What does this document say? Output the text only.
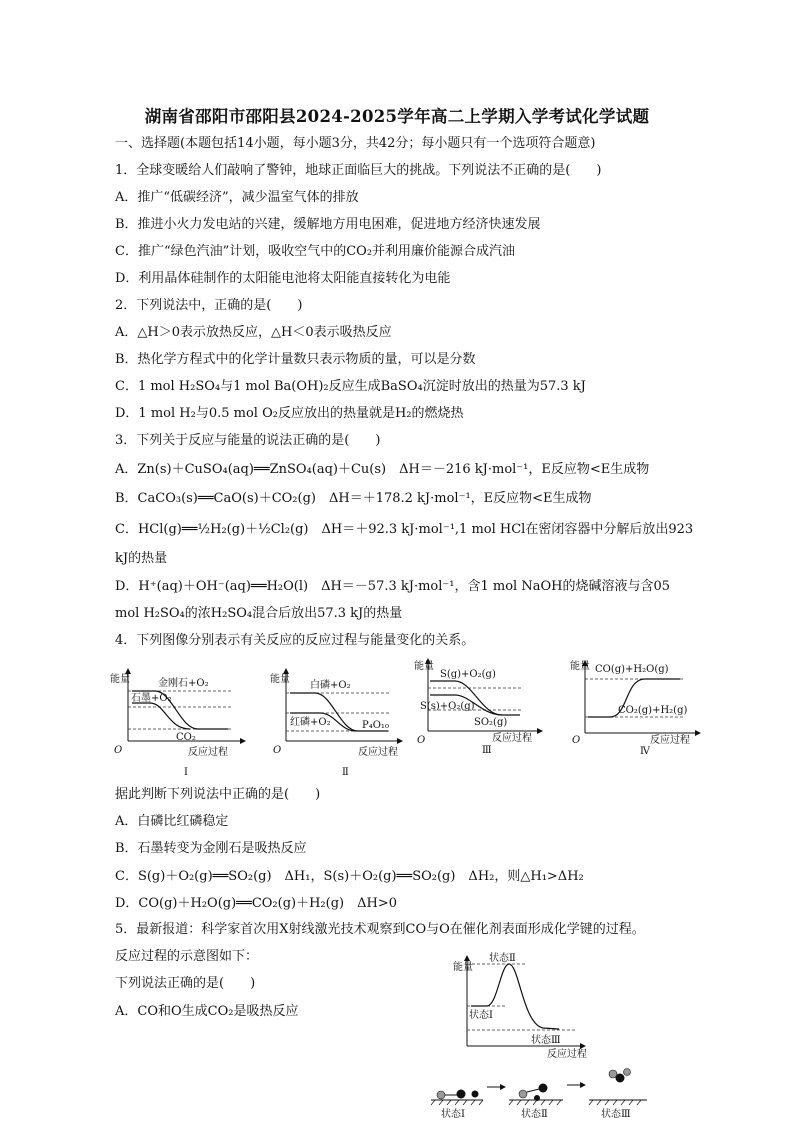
湖南省邵阳市邵阳县2024-2025学年高二上学期入学考试化学试题
一、选择题(本题包括14小题，每小题3分，共42分；每小题只有一个选项符合题意)
1．全球变暖给人们敲响了警钟，地球正面临巨大的挑战。下列说法不正确的是(　　)
A．推广“低碳经济”，减少温室气体的排放
B．推进小火力发电站的兴建，缓解地方用电困难，促进地方经济快速发展
C．推广“绿色汽油”计划，吸收空气中的CO₂并利用廉价能源合成汽油
D．利用晶体硅制作的太阳能电池将太阳能直接转化为电能
2．下列说法中，正确的是(　　)
A．△H＞0表示放热反应，△H＜0表示吸热反应
B．热化学方程式中的化学计量数只表示物质的量，可以是分数
C．1 mol H₂SO₄与1 mol Ba(OH)₂反应生成BaSO₄沉淀时放出的热量为57.3 kJ
D．1 mol H₂与0.5 mol O₂反应放出的热量就是H₂的燃烧热
3．下列关于反应与能量的说法正确的是(　　)
A．Zn(s)＋CuSO₄(aq)══ZnSO₄(aq)＋Cu(s)　ΔH＝－216 kJ·mol⁻¹，E反应物<E生成物
B．CaCO₃(s)══CaO(s)＋CO₂(g)　ΔH＝＋178.2 kJ·mol⁻¹，E反应物<E生成物
C．HCl(g)══½H₂(g)＋½Cl₂(g)　ΔH＝＋92.3 kJ·mol⁻¹,1 mol HCl在密闭容器中分解后放出923
kJ的热量
D．H⁺(aq)＋OH⁻(aq)══H₂O(l)　ΔH＝－57.3 kJ·mol⁻¹，含1 mol NaOH的烧碱溶液与含05
mol H₂SO₄的浓H₂SO₄混合后放出57.3 kJ的热量
4．下列图像分别表示有关反应的反应过程与能量变化的关系。
能量
O	反应过程
金刚石+O₂
石墨+O₂
CO₂
Ⅰ
能量
O	反应过程
白磷+O₂
红磷+O₂	P₄O₁₀
Ⅱ
能量
O	反应过程
S(g)+O₂(g)
S(s)+O₂(g)
SO₂(g)
Ⅲ
能量
O	反应过程
CO(g)+H₂O(g)
CO₂(g)+H₂(g)
Ⅳ
据此判断下列说法中正确的是(　　)
A．白磷比红磷稳定
B．石墨转变为金刚石是吸热反应
C．S(g)＋O₂(g)══SO₂(g)　ΔH₁，S(s)＋O₂(g)══SO₂(g)　ΔH₂，则△H₁>ΔH₂
D．CO(g)＋H₂O(g)══CO₂(g)＋H₂(g)　ΔH>0
5．最新报道：科学家首次用X射线激光技术观察到CO与O在催化剂表面形成化学键的过程。
反应过程的示意图如下：
下列说法正确的是(　　)
A．CO和O生成CO₂是吸热反应
能量
反应过程
状态Ⅱ
状态Ⅰ
状态Ⅲ
状态Ⅰ	状态Ⅱ	状态Ⅲ
